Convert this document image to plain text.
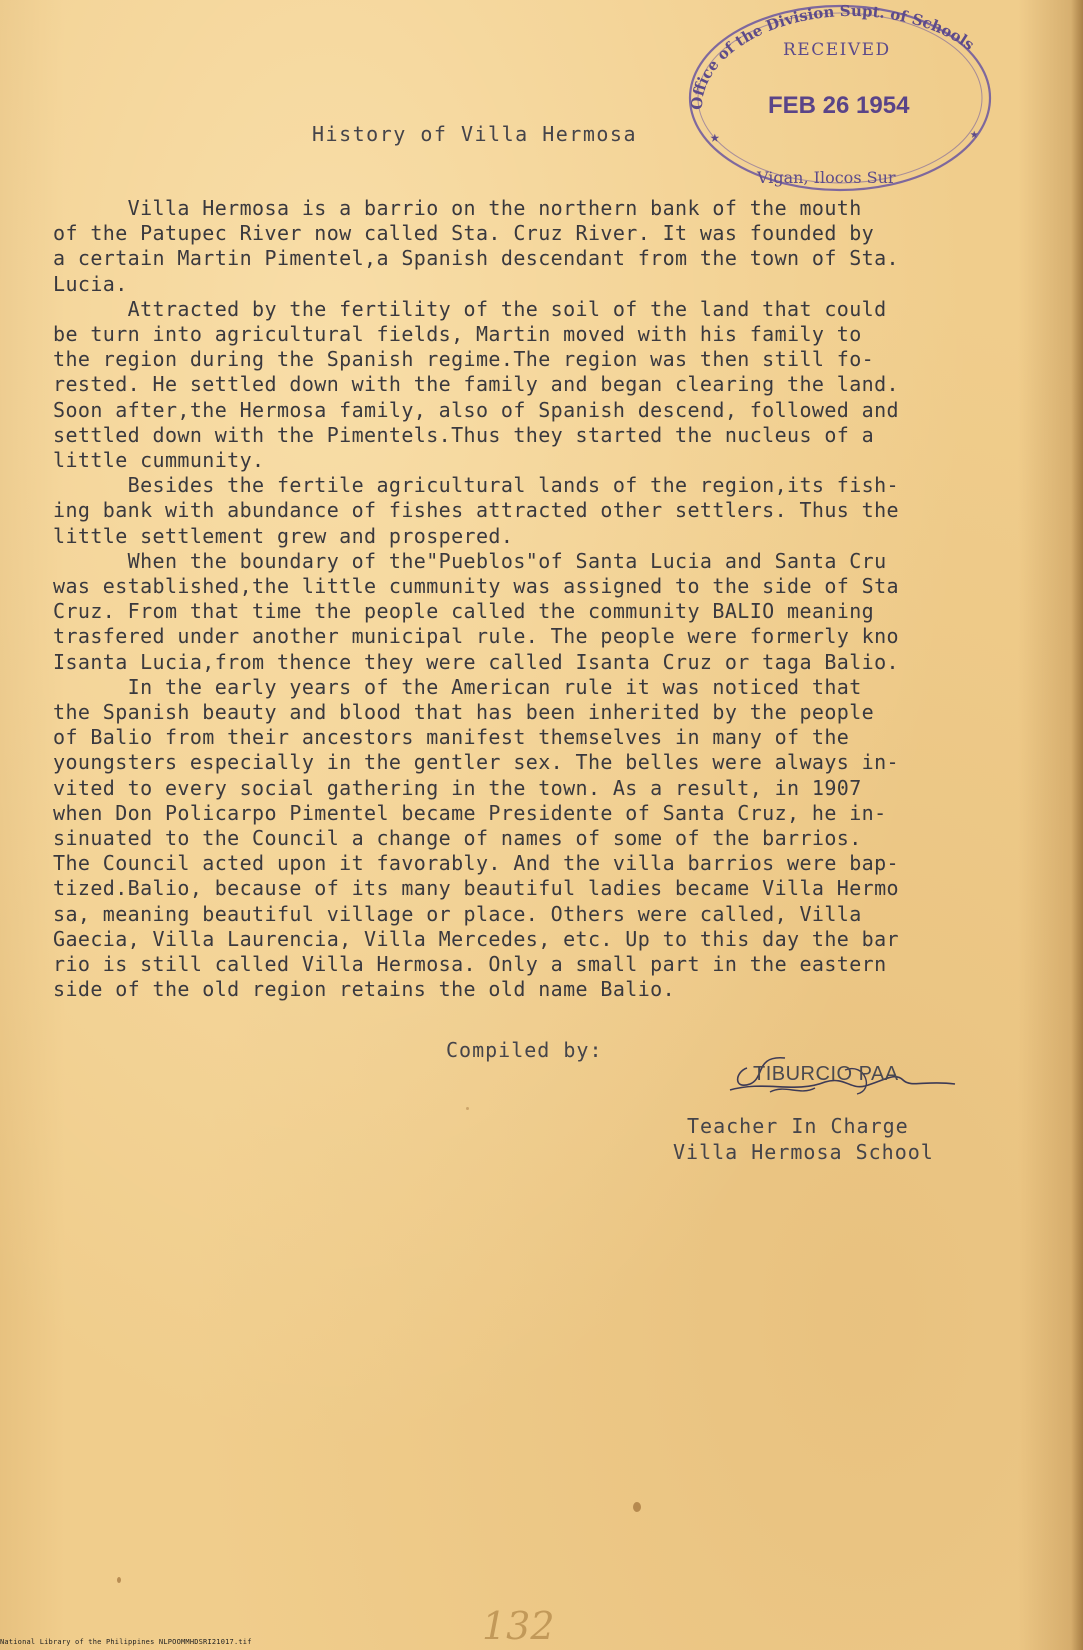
History of Villa Hermosa
Office of the Division Supt. of Schools
★	★
RECEIVED
FEB 26 1954
Vigan, Ilocos Sur
Villa Hermosa is a barrio on the northern bank of the mouth
of the Patupec River now called Sta. Cruz River. It was founded by
a certain Martin Pimentel,a Spanish descendant from the town of Sta.
Lucia.
Attracted by the fertility of the soil of the land that could
be turn into agricultural fields, Martin moved with his family to
the region during the Spanish regime.The region was then still fo-
rested. He settled down with the family and began clearing the land.
Soon after,the Hermosa family, also of Spanish descend, followed and
settled down with the Pimentels.Thus they started the nucleus of a
little cummunity.
Besides the fertile agricultural lands of the region,its fish-
ing bank with abundance of fishes attracted other settlers. Thus the
little settlement grew and prospered.
When the boundary of the"Pueblos"of Santa Lucia and Santa Cru
was established,the little cummunity was assigned to the side of Sta
Cruz. From that time the people called the community BALIO meaning
trasfered under another municipal rule. The people were formerly kno
Isanta Lucia,from thence they were called Isanta Cruz or taga Balio.
In the early years of the American rule it was noticed that
the Spanish beauty and blood that has been inherited by the people
of Balio from their ancestors manifest themselves in many of the
youngsters especially in the gentler sex. The belles were always in-
vited to every social gathering in the town. As a result, in 1907
when Don Policarpo Pimentel became Presidente of Santa Cruz, he in-
sinuated to the Council a change of names of some of the barrios.
The Council acted upon it favorably. And the villa barrios were bap-
tized.Balio, because of its many beautiful ladies became Villa Hermo
sa, meaning beautiful village or place. Others were called, Villa
Gaecia, Villa Laurencia, Villa Mercedes, etc. Up to this day the bar
rio is still called Villa Hermosa. Only a small part in the eastern
side of the old region retains the old name Balio.
Compiled by:
TIBURCIO PAA
Teacher In Charge
Villa Hermosa School
132
National Library of the Philippines NLPOOMMHDSRI21017.tif
